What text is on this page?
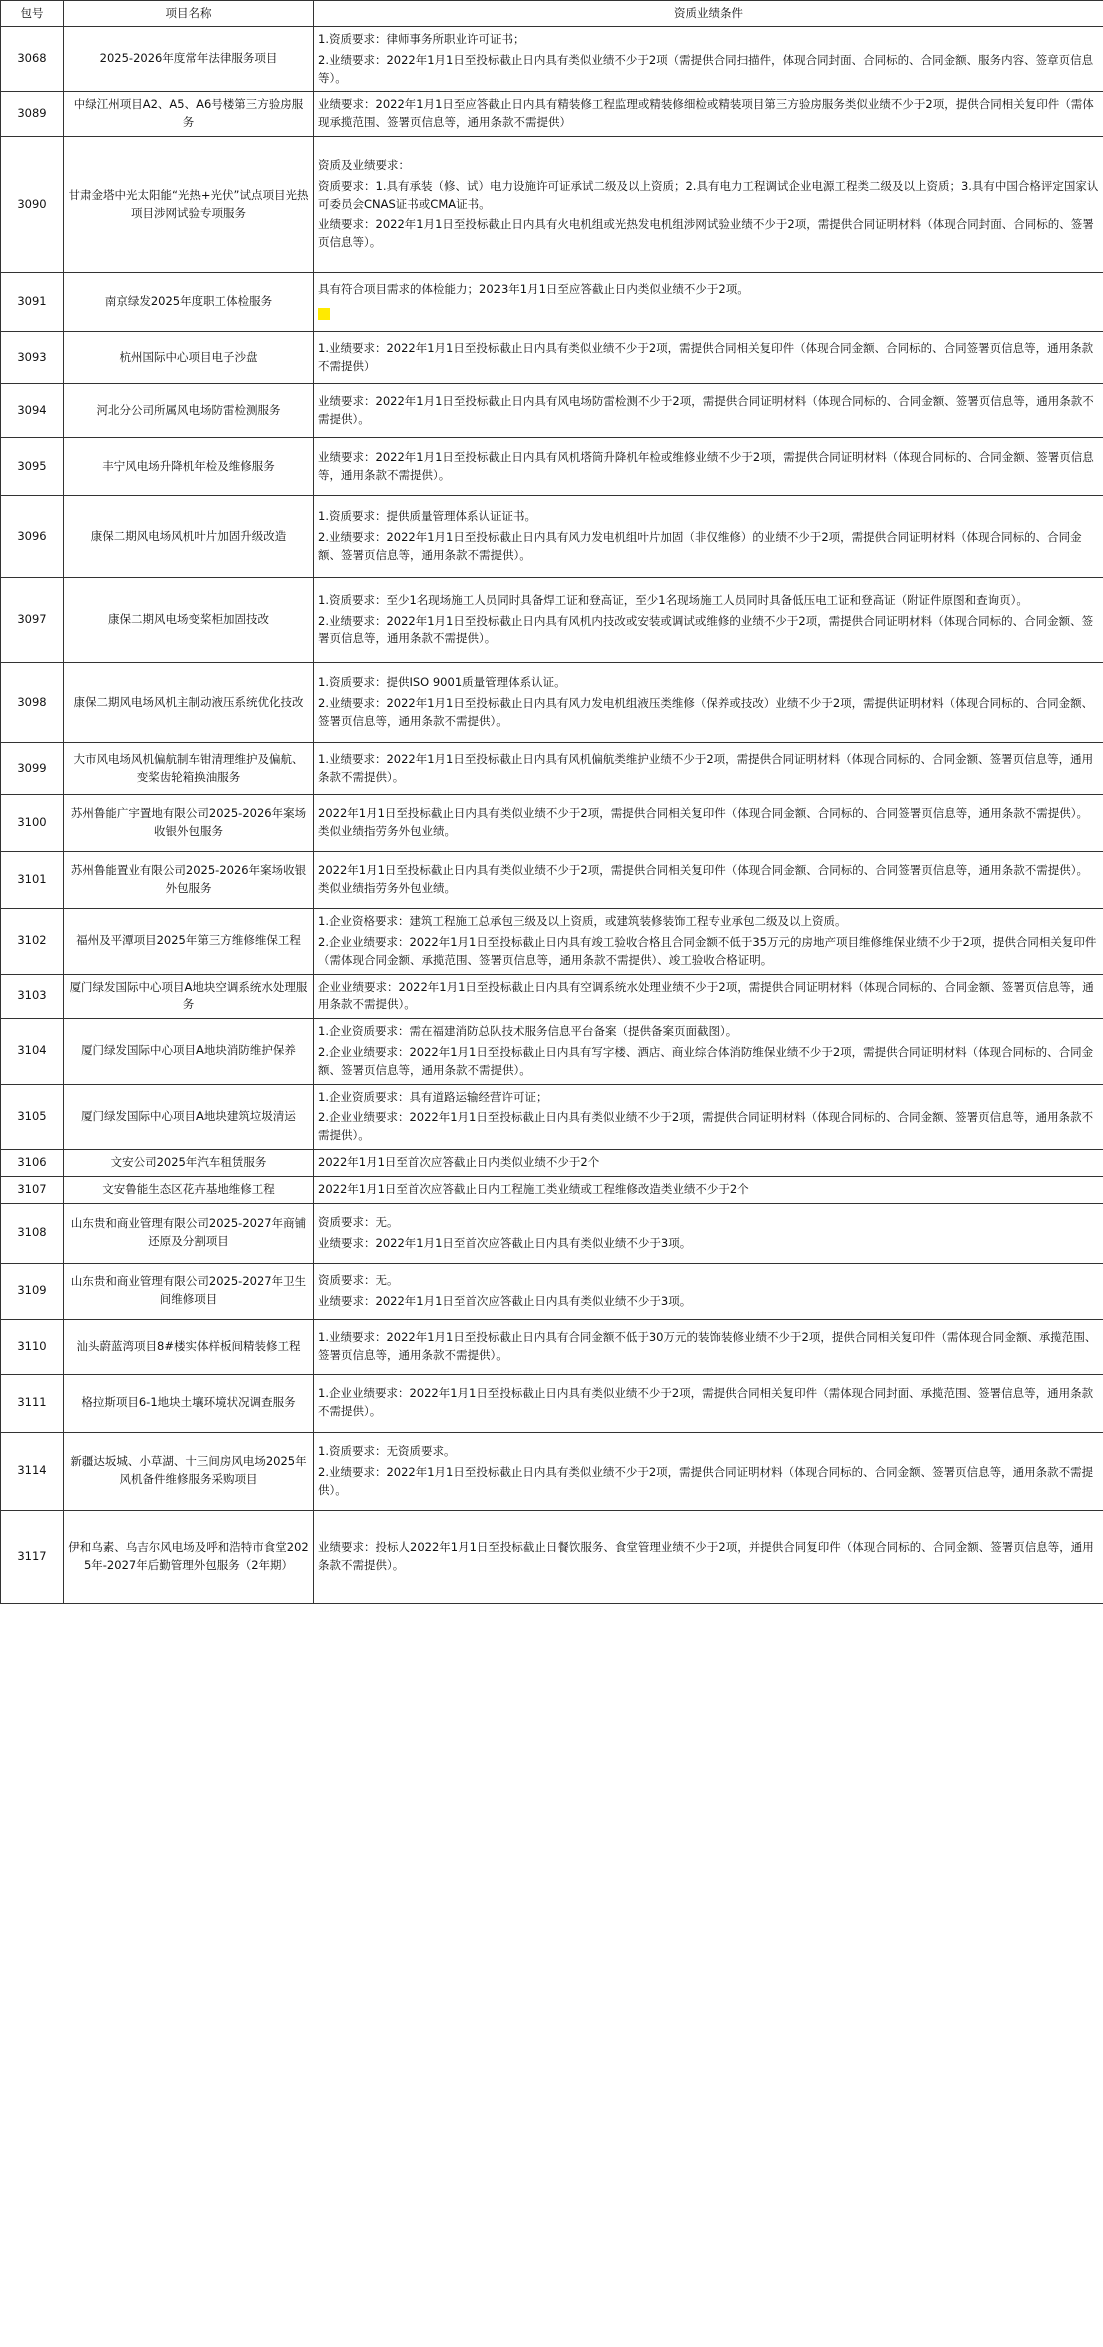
包号	项目名称	资质业绩条件
3068	2025-2026年度常年法律服务项目	1.资质要求：律师事务所职业许可证书；
2.业绩要求：2022年1月1日至投标截止日内具有类似业绩不少于2项（需提供合同扫描件，体现合同封面、合同标的、合同金额、服务内容、签章页信息等）。

3089	中绿江州项目A2、A5、A6号楼第三方验房服务	业绩要求：2022年1月1日至应答截止日内具有精装修工程监理或精装修细检或精装项目第三方验房服务类似业绩不少于2项，提供合同相关复印件（需体现承揽范围、签署页信息等，通用条款不需提供）

3090	甘肃金塔中光太阳能“光热+光伏”试点项目光热项目涉网试验专项服务	资质及业绩要求：
资质要求：1.具有承装（修、试）电力设施许可证承试二级及以上资质；2.具有电力工程调试企业电源工程类二级及以上资质；3.具有中国合格评定国家认可委员会CNAS证书或CMA证书。
业绩要求：2022年1月1日至投标截止日内具有火电机组或光热发电机组涉网试验业绩不少于2项，需提供合同证明材料（体现合同封面、合同标的、签署页信息等）。

3091	南京绿发2025年度职工体检服务	具有符合项目需求的体检能力；2023年1月1日至应答截止日内类似业绩不少于2项。

3093	杭州国际中心项目电子沙盘	1.业绩要求：2022年1月1日至投标截止日内具有类似业绩不少于2项，需提供合同相关复印件（体现合同金额、合同标的、合同签署页信息等，通用条款不需提供）

3094	河北分公司所属风电场防雷检测服务	业绩要求：2022年1月1日至投标截止日内具有风电场防雷检测不少于2项，需提供合同证明材料（体现合同标的、合同金额、签署页信息等，通用条款不需提供）。

3095	丰宁风电场升降机年检及维修服务	业绩要求：2022年1月1日至投标截止日内具有风机塔筒升降机年检或维修业绩不少于2项，需提供合同证明材料（体现合同标的、合同金额、签署页信息等，通用条款不需提供）。

3096	康保二期风电场风机叶片加固升级改造	1.资质要求：提供质量管理体系认证证书。
2.业绩要求：2022年1月1日至投标截止日内具有风力发电机组叶片加固（非仅维修）的业绩不少于2项，需提供合同证明材料（体现合同标的、合同金额、签署页信息等，通用条款不需提供）。

3097	康保二期风电场变桨柜加固技改	1.资质要求：至少1名现场施工人员同时具备焊工证和登高证，至少1名现场施工人员同时具备低压电工证和登高证（附证件原图和查询页）。
2.业绩要求：2022年1月1日至投标截止日内具有风机内技改或安装或调试或维修的业绩不少于2项，需提供合同证明材料（体现合同标的、合同金额、签署页信息等，通用条款不需提供）。

3098	康保二期风电场风机主制动液压系统优化技改	1.资质要求：提供ISO 9001质量管理体系认证。
2.业绩要求：2022年1月1日至投标截止日内具有风力发电机组液压类维修（保养或技改）业绩不少于2项，需提供证明材料（体现合同标的、合同金额、签署页信息等，通用条款不需提供）。

3099	大市风电场风机偏航制车钳清理维护及偏航、变桨齿轮箱换油服务	1.业绩要求：2022年1月1日至投标截止日内具有风机偏航类维护业绩不少于2项，需提供合同证明材料（体现合同标的、合同金额、签署页信息等，通用条款不需提供）。

3100	苏州鲁能广宇置地有限公司2025-2026年案场收银外包服务	2022年1月1日至投标截止日内具有类似业绩不少于2项，需提供合同相关复印件（体现合同金额、合同标的、合同签署页信息等，通用条款不需提供）。类似业绩指劳务外包业绩。

3101	苏州鲁能置业有限公司2025-2026年案场收银外包服务	2022年1月1日至投标截止日内具有类似业绩不少于2项，需提供合同相关复印件（体现合同金额、合同标的、合同签署页信息等，通用条款不需提供）。类似业绩指劳务外包业绩。

3102	福州及平潭项目2025年第三方维修维保工程	1.企业资格要求：建筑工程施工总承包三级及以上资质，或建筑装修装饰工程专业承包二级及以上资质。
2.企业业绩要求：2022年1月1日至投标截止日内具有竣工验收合格且合同金额不低于35万元的房地产项目维修维保业绩不少于2项，提供合同相关复印件（需体现合同金额、承揽范围、签署页信息等，通用条款不需提供）、竣工验收合格证明。

3103	厦门绿发国际中心项目A地块空调系统水处理服务	企业业绩要求：2022年1月1日至投标截止日内具有空调系统水处理业绩不少于2项，需提供合同证明材料（体现合同标的、合同金额、签署页信息等，通用条款不需提供）。

3104	厦门绿发国际中心项目A地块消防维护保养	1.企业资质要求：需在福建消防总队技术服务信息平台备案（提供备案页面截图）。
2.企业业绩要求：2022年1月1日至投标截止日内具有写字楼、酒店、商业综合体消防维保业绩不少于2项，需提供合同证明材料（体现合同标的、合同金额、签署页信息等，通用条款不需提供）。

3105	厦门绿发国际中心项目A地块建筑垃圾清运	1.企业资质要求：具有道路运输经营许可证；
2.企业业绩要求：2022年1月1日至投标截止日内具有类似业绩不少于2项，需提供合同证明材料（体现合同标的、合同金额、签署页信息等，通用条款不需提供）。

3106	文安公司2025年汽车租赁服务	2022年1月1日至首次应答截止日内类似业绩不少于2个

3107	文安鲁能生态区花卉基地维修工程	2022年1月1日至首次应答截止日内工程施工类业绩或工程维修改造类业绩不少于2个

3108	山东贵和商业管理有限公司2025-2027年商铺还原及分割项目	资质要求：无。
业绩要求：2022年1月1日至首次应答截止日内具有类似业绩不少于3项。

3109	山东贵和商业管理有限公司2025-2027年卫生间维修项目	资质要求：无。
业绩要求：2022年1月1日至首次应答截止日内具有类似业绩不少于3项。

3110	汕头蔚蓝湾项目8#楼实体样板间精装修工程	1.业绩要求：2022年1月1日至投标截止日内具有合同金额不低于30万元的装饰装修业绩不少于2项，提供合同相关复印件（需体现合同金额、承揽范围、签署页信息等，通用条款不需提供）。

3111	格拉斯项目6-1地块土壤环境状况调查服务	1.企业业绩要求：2022年1月1日至投标截止日内具有类似业绩不少于2项，需提供合同相关复印件（需体现合同封面、承揽范围、签署信息等，通用条款不需提供）。

3114	新疆达坂城、小草湖、十三间房风电场2025年风机备件维修服务采购项目	1.资质要求：无资质要求。
2.业绩要求：2022年1月1日至投标截止日内具有类似业绩不少于2项，需提供合同证明材料（体现合同标的、合同金额、签署页信息等，通用条款不需提供）。

3117	伊和乌素、乌吉尔风电场及呼和浩特市食堂2025年-2027年后勤管理外包服务（2年期）	业绩要求：投标人2022年1月1日至投标截止日餐饮服务、食堂管理业绩不少于2项，并提供合同复印件（体现合同标的、合同金额、签署页信息等，通用条款不需提供）。
